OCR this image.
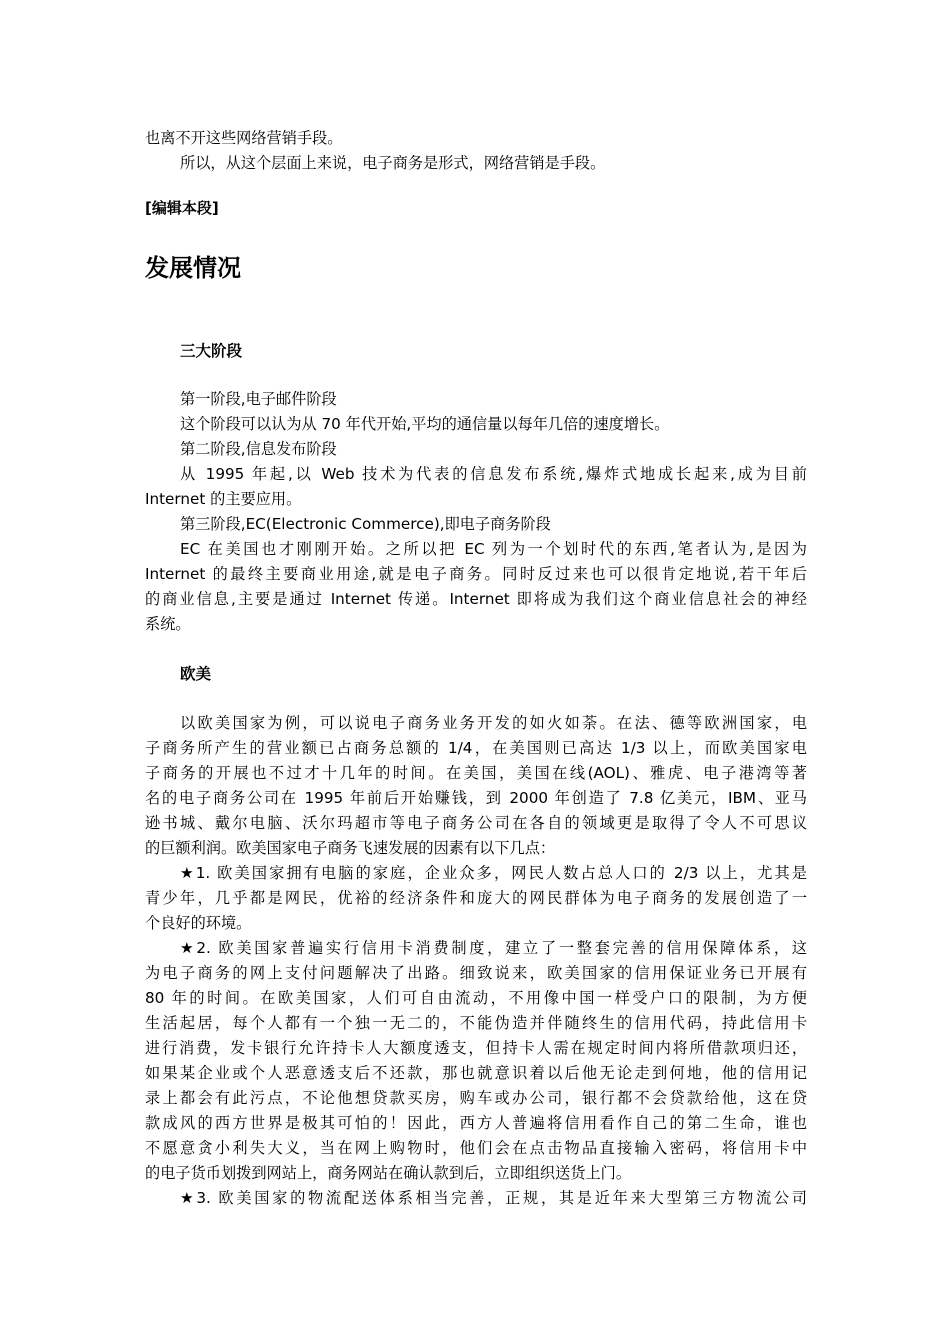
也离不开这些网络营销手段。
所以，从这个层面上来说，电子商务是形式，网络营销是手段。
[编辑本段]
发展情况
三大阶段
第一阶段,电子邮件阶段
这个阶段可以认为从 70 年代开始,平均的通信量以每年几倍的速度增长。
第二阶段,信息发布阶段
从 1995 年起,以 Web 技术为代表的信息发布系统,爆炸式地成长起来,成为目前
Internet 的主要应用。
第三阶段,EC(Electronic Commerce),即电子商务阶段
EC 在美国也才刚刚开始。之所以把 EC 列为一个划时代的东西,笔者认为,是因为
Internet 的最终主要商业用途,就是电子商务。同时反过来也可以很肯定地说,若干年后
的商业信息,主要是通过 Internet 传递。Internet 即将成为我们这个商业信息社会的神经
系统。
欧美
以欧美国家为例，可以说电子商务业务开发的如火如荼。在法、德等欧洲国家，电
子商务所产生的营业额已占商务总额的 1/4，在美国则已高达 1/3 以上，而欧美国家电
子商务的开展也不过才十几年的时间。在美国，美国在线(AOL)、雅虎、电子港湾等著
名的电子商务公司在 1995 年前后开始赚钱，到 2000 年创造了 7.8 亿美元，IBM、亚马
逊书城、戴尔电脑、沃尔玛超市等电子商务公司在各自的领域更是取得了令人不可思议
的巨额利润。欧美国家电子商务飞速发展的因素有以下几点：
★1. 欧美国家拥有电脑的家庭，企业众多，网民人数占总人口的 2/3 以上，尤其是
青少年，几乎都是网民，优裕的经济条件和庞大的网民群体为电子商务的发展创造了一
个良好的环境。
★2. 欧美国家普遍实行信用卡消费制度，建立了一整套完善的信用保障体系，这
为电子商务的网上支付问题解决了出路。细致说来，欧美国家的信用保证业务已开展有
80 年的时间。在欧美国家，人们可自由流动，不用像中国一样受户口的限制，为方便
生活起居，每个人都有一个独一无二的，不能伪造并伴随终生的信用代码，持此信用卡
进行消费，发卡银行允许持卡人大额度透支，但持卡人需在规定时间内将所借款项归还，
如果某企业或个人恶意透支后不还款，那也就意识着以后他无论走到何地，他的信用记
录上都会有此污点，不论他想贷款买房，购车或办公司，银行都不会贷款给他，这在贷
款成风的西方世界是极其可怕的！因此，西方人普遍将信用看作自己的第二生命，谁也
不愿意贪小利失大义，当在网上购物时，他们会在点击物品直接输入密码，将信用卡中
的电子货币划拨到网站上，商务网站在确认款到后，立即组织送货上门。
★3. 欧美国家的物流配送体系相当完善，正规，其是近年来大型第三方物流公司
